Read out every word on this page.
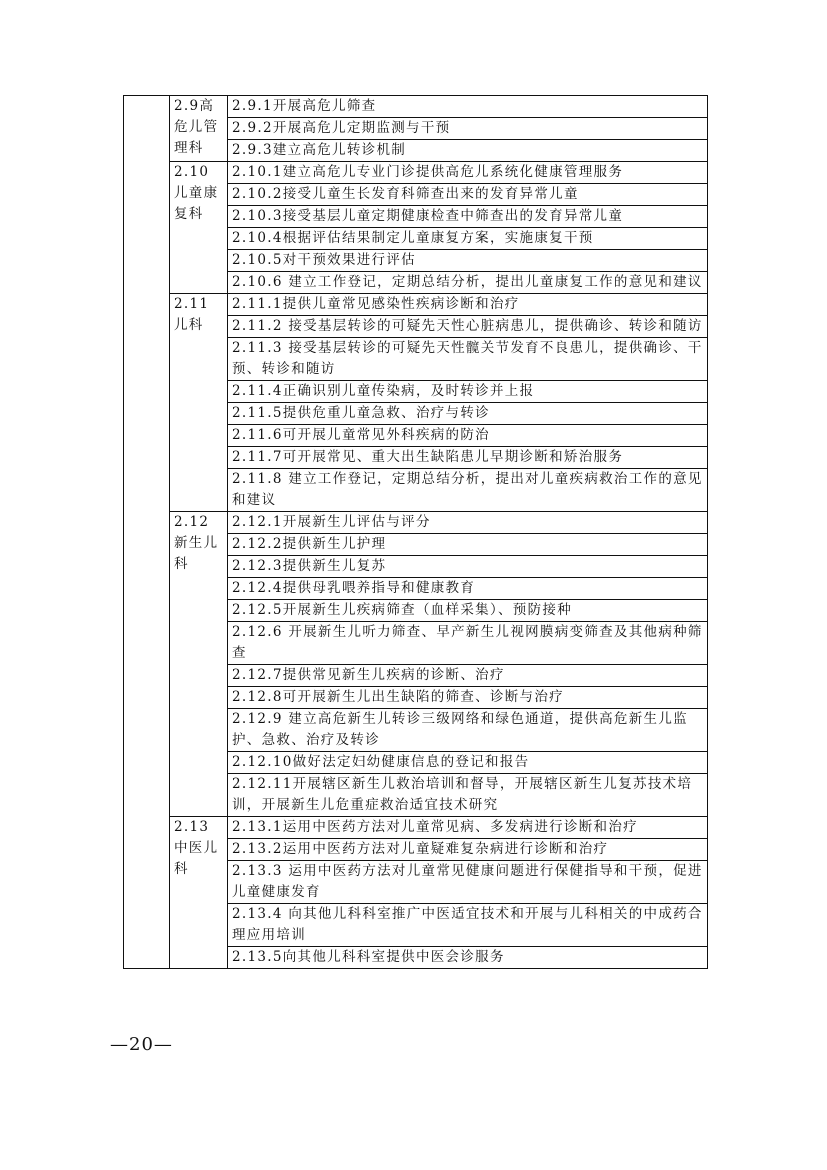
	2.9高危儿管理科	2.9.1开展高危儿筛查
		2.9.2开展高危儿定期监测与干预
		2.9.3建立高危儿转诊机制
	2.10儿童康复科	2.10.1建立高危儿专业门诊提供高危儿系统化健康管理服务
		2.10.2接受儿童生长发育科筛查出来的发育异常儿童
		2.10.3接受基层儿童定期健康检查中筛查出的发育异常儿童
		2.10.4根据评估结果制定儿童康复方案，实施康复干预
		2.10.5对干预效果进行评估
		2.10.6 建立工作登记，定期总结分析，提出儿童康复工作的意见和建议
	2.11儿科	2.11.1提供儿童常见感染性疾病诊断和治疗
		2.11.2 接受基层转诊的可疑先天性心脏病患儿，提供确诊、转诊和随访
		2.11.3 接受基层转诊的可疑先天性髋关节发育不良患儿，提供确诊、干预、转诊和随访
		2.11.4正确识别儿童传染病，及时转诊并上报
		2.11.5提供危重儿童急救、治疗与转诊
		2.11.6可开展儿童常见外科疾病的防治
		2.11.7可开展常见、重大出生缺陷患儿早期诊断和矫治服务
		2.11.8 建立工作登记，定期总结分析，提出对儿童疾病救治工作的意见和建议
	2.12新生儿科	2.12.1开展新生儿评估与评分
		2.12.2提供新生儿护理
		2.12.3提供新生儿复苏
		2.12.4提供母乳喂养指导和健康教育
		2.12.5开展新生儿疾病筛查（血样采集）、预防接种
		2.12.6 开展新生儿听力筛查、早产新生儿视网膜病变筛查及其他病种筛查
		2.12.7提供常见新生儿疾病的诊断、治疗
		2.12.8可开展新生儿出生缺陷的筛查、诊断与治疗
		2.12.9 建立高危新生儿转诊三级网络和绿色通道，提供高危新生儿监护、急救、治疗及转诊
		2.12.10做好法定妇幼健康信息的登记和报告
		2.12.11开展辖区新生儿救治培训和督导，开展辖区新生儿复苏技术培训，开展新生儿危重症救治适宜技术研究
	2.13中医儿科	2.13.1运用中医药方法对儿童常见病、多发病进行诊断和治疗
		2.13.2运用中医药方法对儿童疑难复杂病进行诊断和治疗
		2.13.3 运用中医药方法对儿童常见健康问题进行保健指导和干预，促进儿童健康发育
		2.13.4 向其他儿科科室推广中医适宜技术和开展与儿科相关的中成药合理应用培训
		2.13.5向其他儿科科室提供中医会诊服务
—20—
